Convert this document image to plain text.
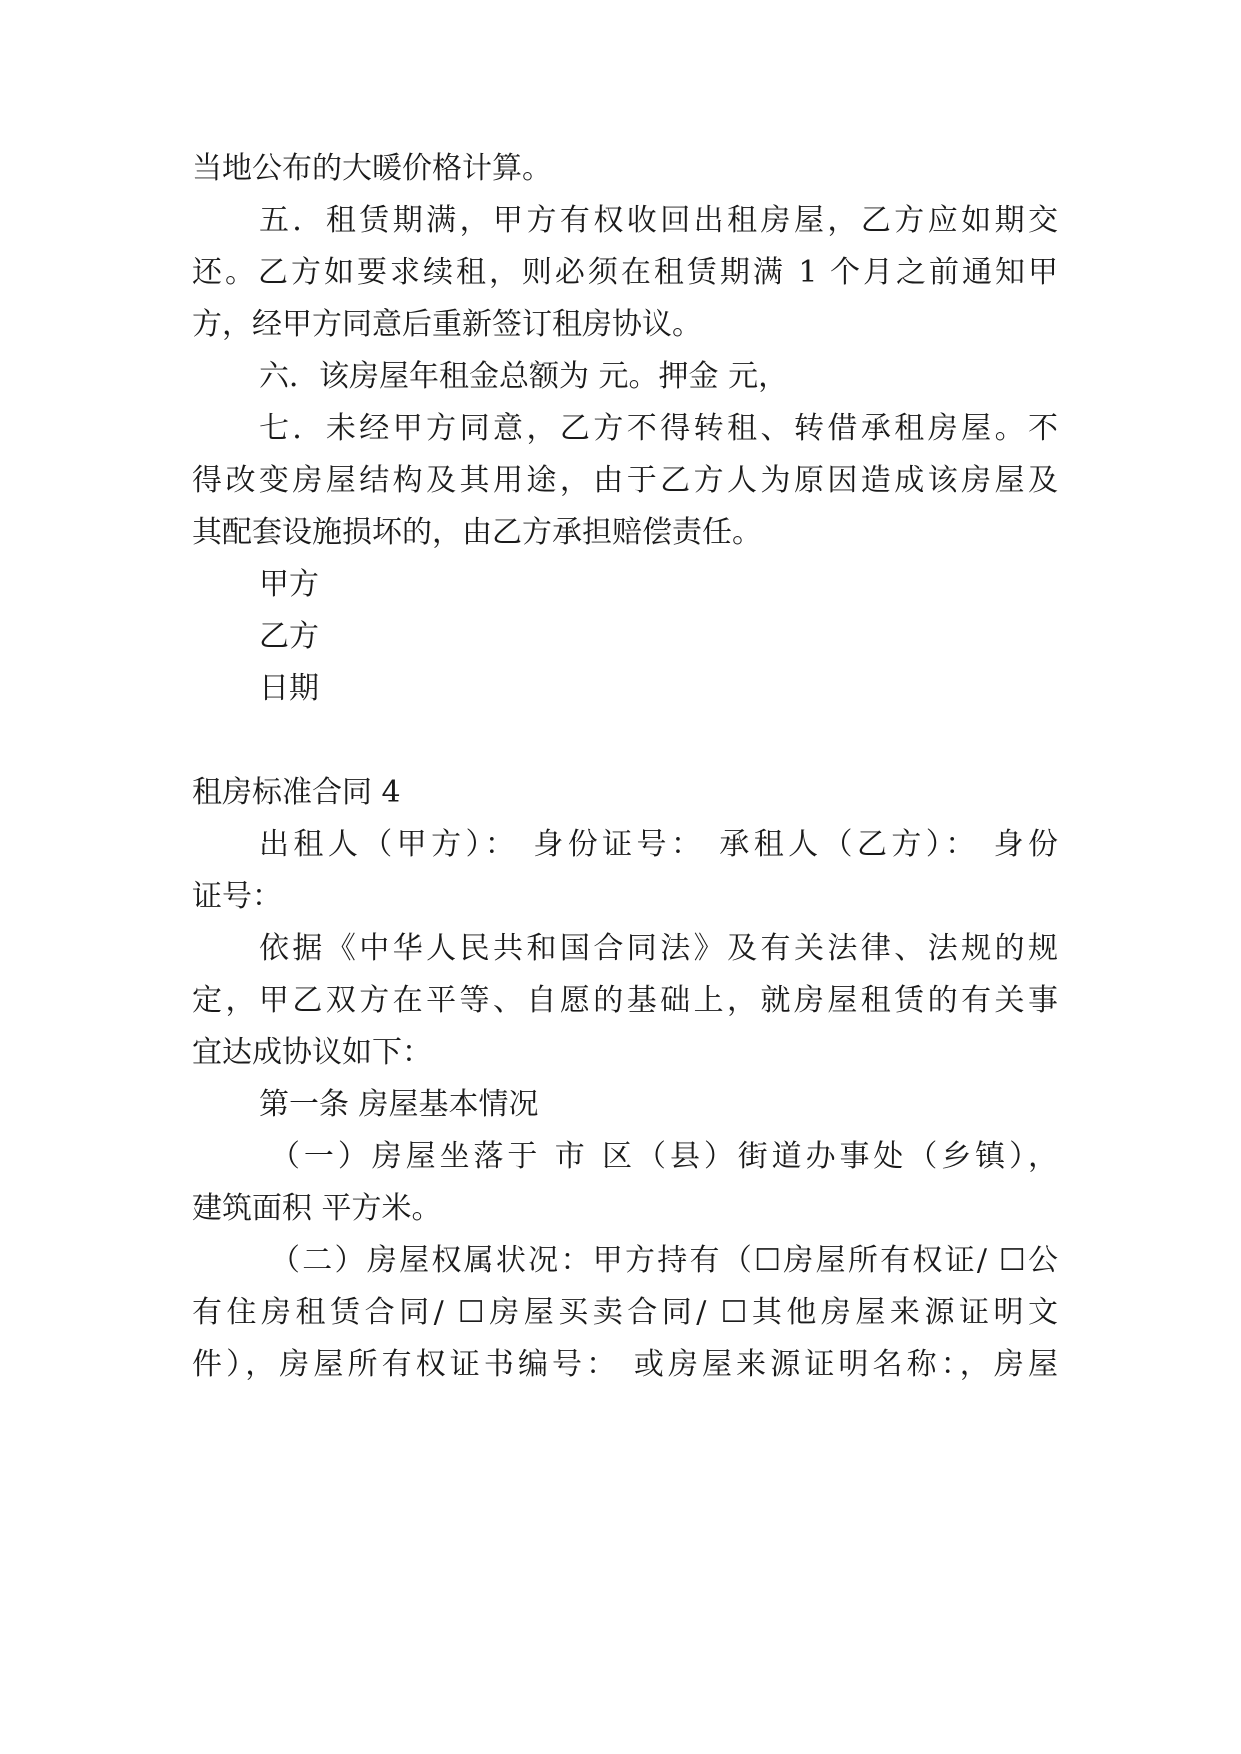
当地公布的大暖价格计算。
五．租赁期满，甲方有权收回出租房屋，乙方应如期交
还。乙方如要求续租，则必须在租赁期满 1 个月之前通知甲
方，经甲方同意后重新签订租房协议。
六．该房屋年租金总额为 元。押金 元，
七．未经甲方同意，乙方不得转租、转借承租房屋。不
得改变房屋结构及其用途，由于乙方人为原因造成该房屋及
其配套设施损坏的，由乙方承担赔偿责任。
甲方
乙方
日期
租房标准合同 4
出租人（甲方）： 身份证号： 承租人（乙方）： 身份
证号：
依据《中华人民共和国合同法》及有关法律、法规的规
定，甲乙双方在平等、自愿的基础上，就房屋租赁的有关事
宜达成协议如下：
第一条 房屋基本情况
（一）房屋坐落于 市 区（县）街道办事处（乡镇），
建筑面积 平方米。
（二）房屋权属状况：甲方持有（☐房屋所有权证/ ☐公
有住房租赁合同/ ☐房屋买卖合同/ ☐其他房屋来源证明文
件），房屋所有权证书编号： 或房屋来源证明名称：，房屋
